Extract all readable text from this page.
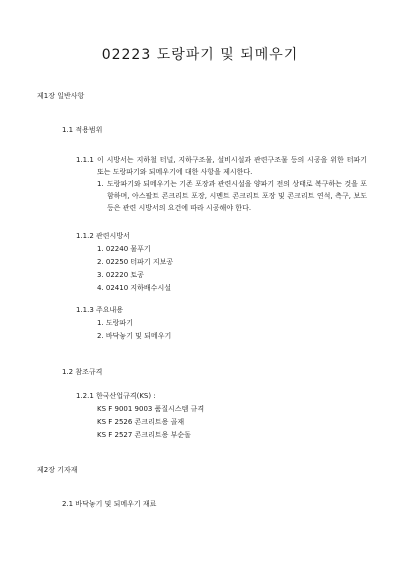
02223 도랑파기 및 되메우기
제1장 일반사항
1.1 적용범위
1.1.1 이 시방서는 지하철 터널, 지하구조물, 설비시설과 관련구조물 등의 시공을 위한 터파기 또는 도랑파기와 되메우기에 대한 사항을 제시한다.
1. 도랑파기와 되메우기는 기존 포장과 관련시설을 양파기 전의 상태로 복구하는 것을 포함하며, 아스팔트 콘크리트 포장, 시멘트 콘크리트 포장 및 콘크리트 연석, 측구, 보도 등은 관련 시방서의 요건에 따라 시공해야 한다.
1.1.2 관련시방서
1. 02240 물푸기
2. 02250 터파기 지보공
3. 02220 토공
4. 02410 지하배수시설
1.1.3 주요내용
1. 도랑파기
2. 바닥놓기 및 되메우기
1.2 참조규격
1.2.1 한국산업규격(KS) :
KS F 9001 9003 품질시스템 규격
KS F 2526 콘크리트용 골재
KS F 2527 콘크리트용 부순돌
제2장 기자재
2.1 바닥놓기 및 되메우기 재료
